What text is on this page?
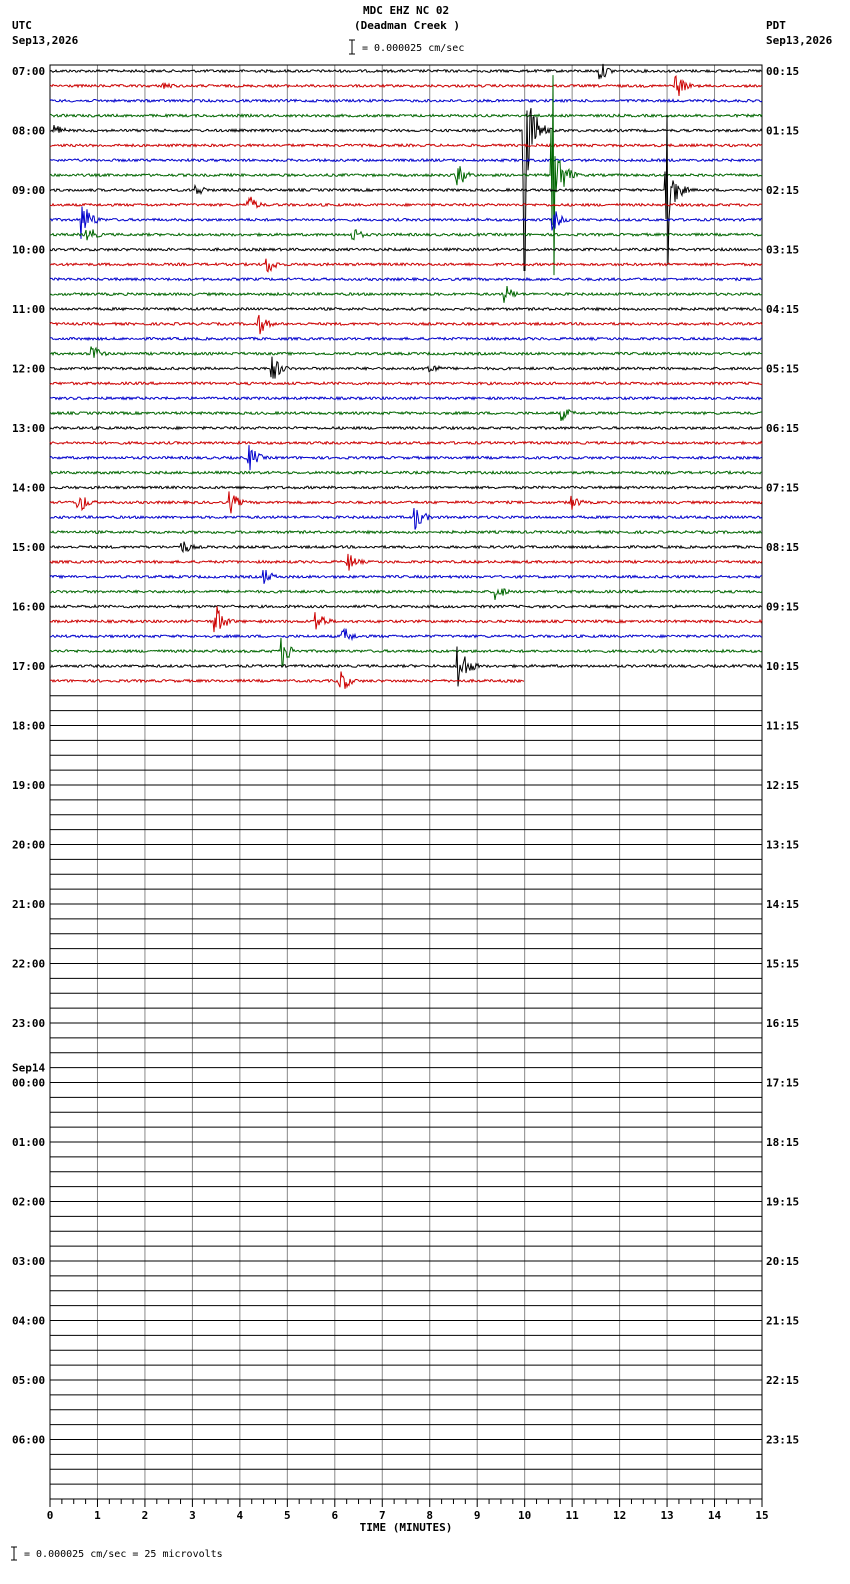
MDC EHZ NC 02
(Deadman Creek )
UTC
Sep13,2026
PDT
Sep13,2026
= 0.000025 cm/sec
= 0.000025 cm/sec = 25 microvolts
0	1	2	3	4	5	6	7	8	9	10	11	12	13	14	15
TIME (MINUTES)
07:00
08:00
09:00
10:00
11:00
12:00
13:00
14:00
15:00
16:00
17:00
18:00
19:00
20:00
21:00
22:00
23:00
Sep14
00:00
01:00
02:00
03:00
04:00
05:00
06:00
00:15
01:15
02:15
03:15
04:15
05:15
06:15
07:15
08:15
09:15
10:15
11:15
12:15
13:15
14:15
15:15
16:15
17:15
18:15
19:15
20:15
21:15
22:15
23:15
